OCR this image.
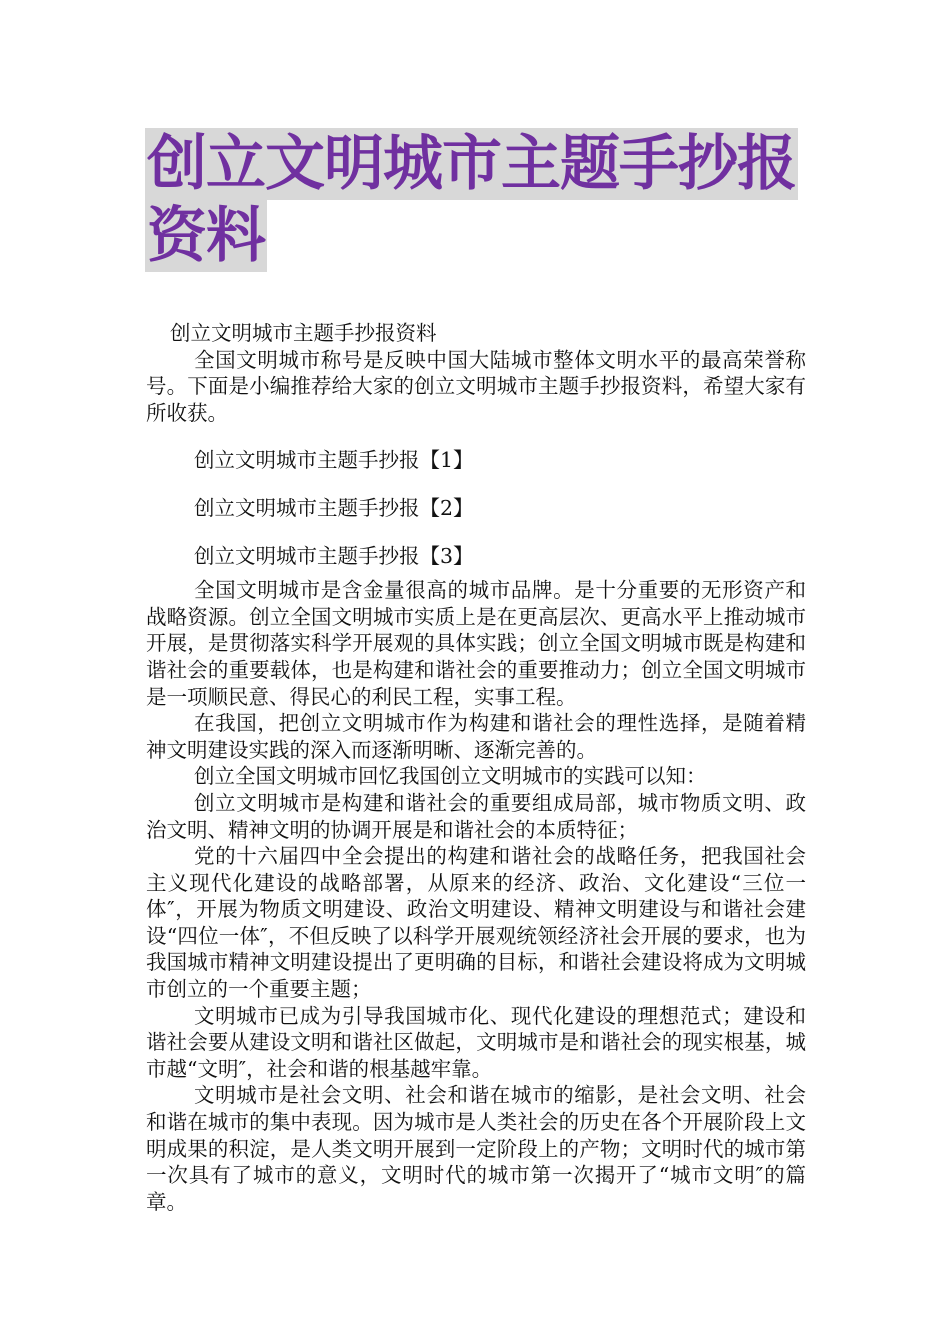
创立文明城市主题手抄报
资料

创立文明城市主题手抄报资料

全国文明城市称号是反映中国大陆城市整体文明水平的最高荣誉称号。下面是小编推荐给大家的创立文明城市主题手抄报资料，希望大家有所收获。

创立文明城市主题手抄报【1】

创立文明城市主题手抄报【2】

创立文明城市主题手抄报【3】

全国文明城市是含金量很高的城市品牌。是十分重要的无形资产和战略资源。创立全国文明城市实质上是在更高层次、更高水平上推动城市开展，是贯彻落实科学开展观的具体实践；创立全国文明城市既是构建和谐社会的重要载体，也是构建和谐社会的重要推动力；创立全国文明城市是一项顺民意、得民心的利民工程，实事工程。

在我国，把创立文明城市作为构建和谐社会的理性选择，是随着精神文明建设实践的深入而逐渐明晰、逐渐完善的。

创立全国文明城市回忆我国创立文明城市的实践可以知：

创立文明城市是构建和谐社会的重要组成局部，城市物质文明、政治文明、精神文明的协调开展是和谐社会的本质特征；

党的十六届四中全会提出的构建和谐社会的战略任务，把我国社会主义现代化建设的战略部署，从原来的经济、政治、文化建设“三位一体″，开展为物质文明建设、政治文明建设、精神文明建设与和谐社会建设“四位一体″，不但反映了以科学开展观统领经济社会开展的要求，也为我国城市精神文明建设提出了更明确的目标，和谐社会建设将成为文明城市创立的一个重要主题；

文明城市已成为引导我国城市化、现代化建设的理想范式；建设和谐社会要从建设文明和谐社区做起，文明城市是和谐社会的现实根基，城市越“文明″，社会和谐的根基越牢靠。

文明城市是社会文明、社会和谐在城市的缩影，是社会文明、社会和谐在城市的集中表现。因为城市是人类社会的历史在各个开展阶段上文明成果的积淀，是人类文明开展到一定阶段上的产物；文明时代的城市第一次具有了城市的意义，文明时代的城市第一次揭开了“城市文明″的篇章。
